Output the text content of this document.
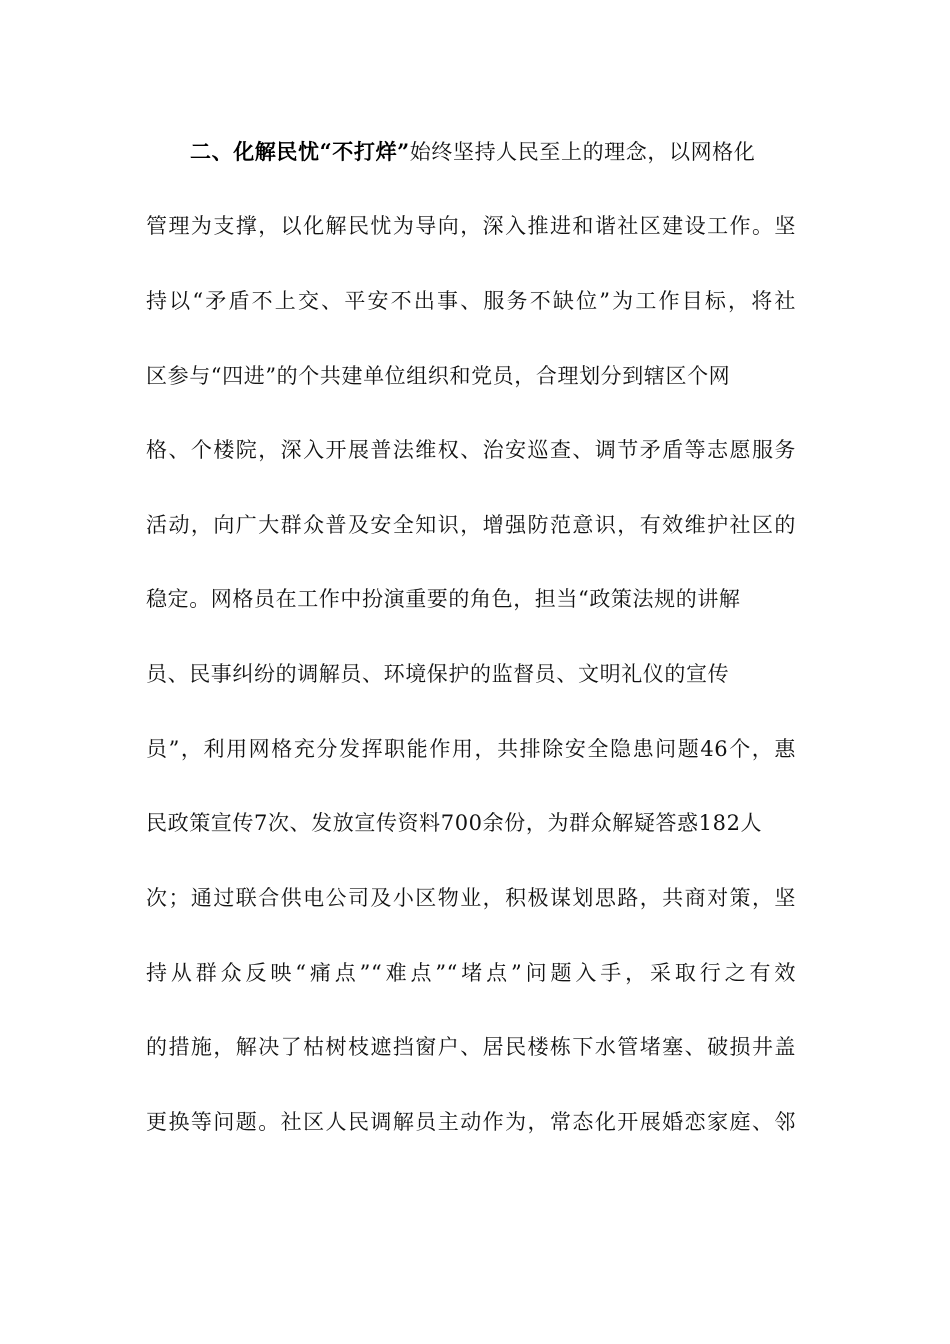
二、化解民忧“不打烊”始终坚持人民至上的理念，以网格化
管理为支撑，以化解民忧为导向，深入推进和谐社区建设工作。坚
持以“矛盾不上交、平安不出事、服务不缺位”为工作目标，将社
区参与“四进”的个共建单位组织和党员，合理划分到辖区个网
格、个楼院，深入开展普法维权、治安巡查、调节矛盾等志愿服务
活动，向广大群众普及安全知识，增强防范意识，有效维护社区的
稳定。网格员在工作中扮演重要的角色，担当“政策法规的讲解
员、民事纠纷的调解员、环境保护的监督员、文明礼仪的宣传
员”，利用网格充分发挥职能作用，共排除安全隐患问题46个，惠
民政策宣传7次、发放宣传资料700余份，为群众解疑答惑182人
次；通过联合供电公司及小区物业，积极谋划思路，共商对策，坚
持从群众反映“痛点”“难点”“堵点”问题入手，采取行之有效
的措施，解决了枯树枝遮挡窗户、居民楼栋下水管堵塞、破损井盖
更换等问题。社区人民调解员主动作为，常态化开展婚恋家庭、邻
